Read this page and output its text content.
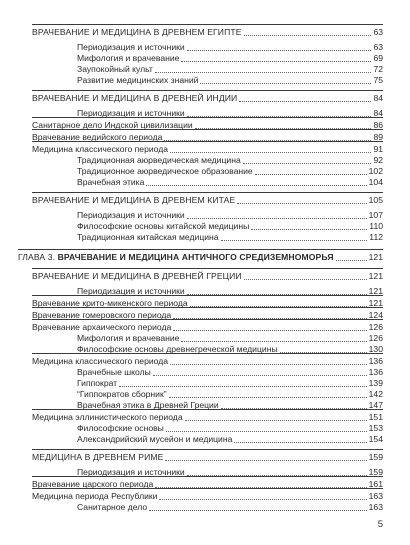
ВРАЧЕВАНИЕ И МЕДИЦИНА В ДРЕВНЕМ ЕГИПТЕ	63
Периодизация и источники	63
Мифология и врачевание	69
Заупокойный культ	72
Развитие медицинских знаний	75
ВРАЧЕВАНИЕ И МЕДИЦИНА В ДРЕВНЕЙ ИНДИИ	84
Периодизация и источники	84
Санитарное дело Индской цивилизации	86
Врачевание ведийского периода	89
Медицина классического периода	91
Традиционная аюрведическая медицина	92
Традиционное аюрведическое образование	102
Врачебная этика	104
ВРАЧЕВАНИЕ И МЕДИЦИНА В ДРЕВНЕМ КИТАЕ	105
Периодизация и источники	107
Философские основы китайской медицины	110
Традиционная китайская медицина	112
ГЛАВА 3. ВРАЧЕВАНИЕ И МЕДИЦИНА АНТИЧНОГО СРЕДИЗЕМНОМОРЬЯ	121
ВРАЧЕВАНИЕ И МЕДИЦИНА В ДРЕВНЕЙ ГРЕЦИИ	121
Периодизация и источники	121
Врачевание крито-микенского периода	121
Врачевание гомеровского периода	124
Врачевание архаического периода	126
Мифология и врачевание	126
Философские основы древнегреческой медицины	130
Медицина классического периода	136
Врачебные школы	136
Гиппократ	139
“Гиппократов сборник”	142
Врачебная этика в Древней Греции	147
Медицина эллинистического периода	151
Философские основы	153
Александрийский мусейон и медицина	154
МЕДИЦИНА В ДРЕВНЕМ РИМЕ	159
Периодизация и источники	159
Врачевание царского периода	161
Медицина периода Республики	163
Санитарное дело	163
5
